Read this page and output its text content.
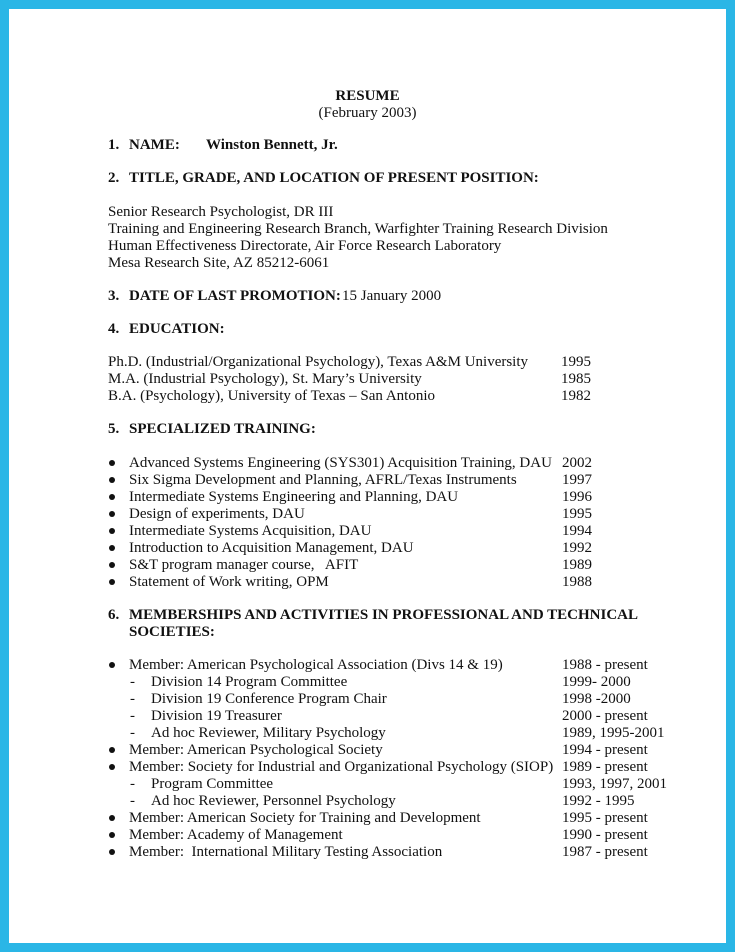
RESUME
(February 2003)
1. NAME: Winston Bennett, Jr.
2. TITLE, GRADE, AND LOCATION OF PRESENT POSITION:
Senior Research Psychologist, DR III
Training and Engineering Research Branch, Warfighter Training Research Division
Human Effectiveness Directorate, Air Force Research Laboratory
Mesa Research Site, AZ 85212-6061
3. DATE OF LAST PROMOTION: 15 January 2000
4. EDUCATION:
Ph.D. (Industrial/Organizational Psychology), Texas A&M University 1995
M.A. (Industrial Psychology), St. Mary’s University	1985
B.A. (Psychology), University of Texas – San Antonio	1982
5. SPECIALIZED TRAINING:
Advanced Systems Engineering (SYS301) Acquisition Training, DAU 2002
Six Sigma Development and Planning, AFRL/Texas Instruments	1997
Intermediate Systems Engineering and Planning, DAU	1996
Design of experiments, DAU	1995
Intermediate Systems Acquisition, DAU	1994
Introduction to Acquisition Management, DAU	1992
S&T program manager course,   AFIT	1989
Statement of Work writing, OPM	1988
6. MEMBERSHIPS AND ACTIVITIES IN PROFESSIONAL AND TECHNICAL
SOCIETIES:
Member: American Psychological Association (Divs 14 & 19)	1988 - present
- Division 14 Program Committee	1999- 2000
- Division 19 Conference Program Chair	1998 -2000
- Division 19 Treasurer	2000 - present
- Ad hoc Reviewer, Military Psychology	1989, 1995-2001
Member: American Psychological Society	1994 - present
Member: Society for Industrial and Organizational Psychology (SIOP) 1989 - present
- Program Committee	1993, 1997, 2001
- Ad hoc Reviewer, Personnel Psychology	1992 - 1995
Member: American Society for Training and Development	1995 - present
Member: Academy of Management	1990 - present
Member:  International Military Testing Association	1987 - present
